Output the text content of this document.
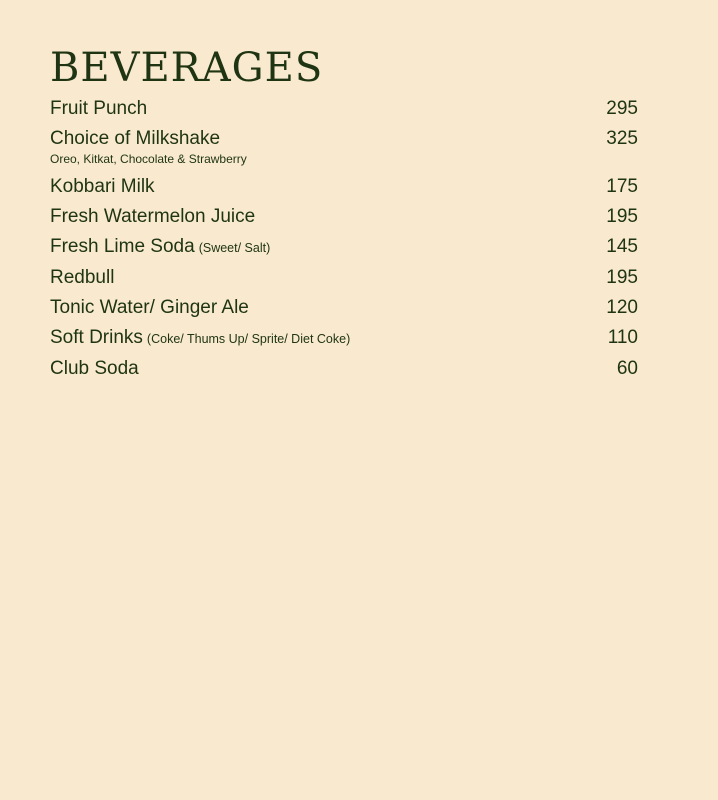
BEVERAGES
Fruit Punch	295
Choice of Milkshake	325
Oreo, Kitkat, Chocolate & Strawberry
Kobbari Milk	175
Fresh Watermelon Juice	195
Fresh Lime Soda (Sweet/ Salt)	145
Redbull	195
Tonic Water/ Ginger Ale	120
Soft Drinks (Coke/ Thums Up/ Sprite/ Diet Coke)	110
Club Soda	60
